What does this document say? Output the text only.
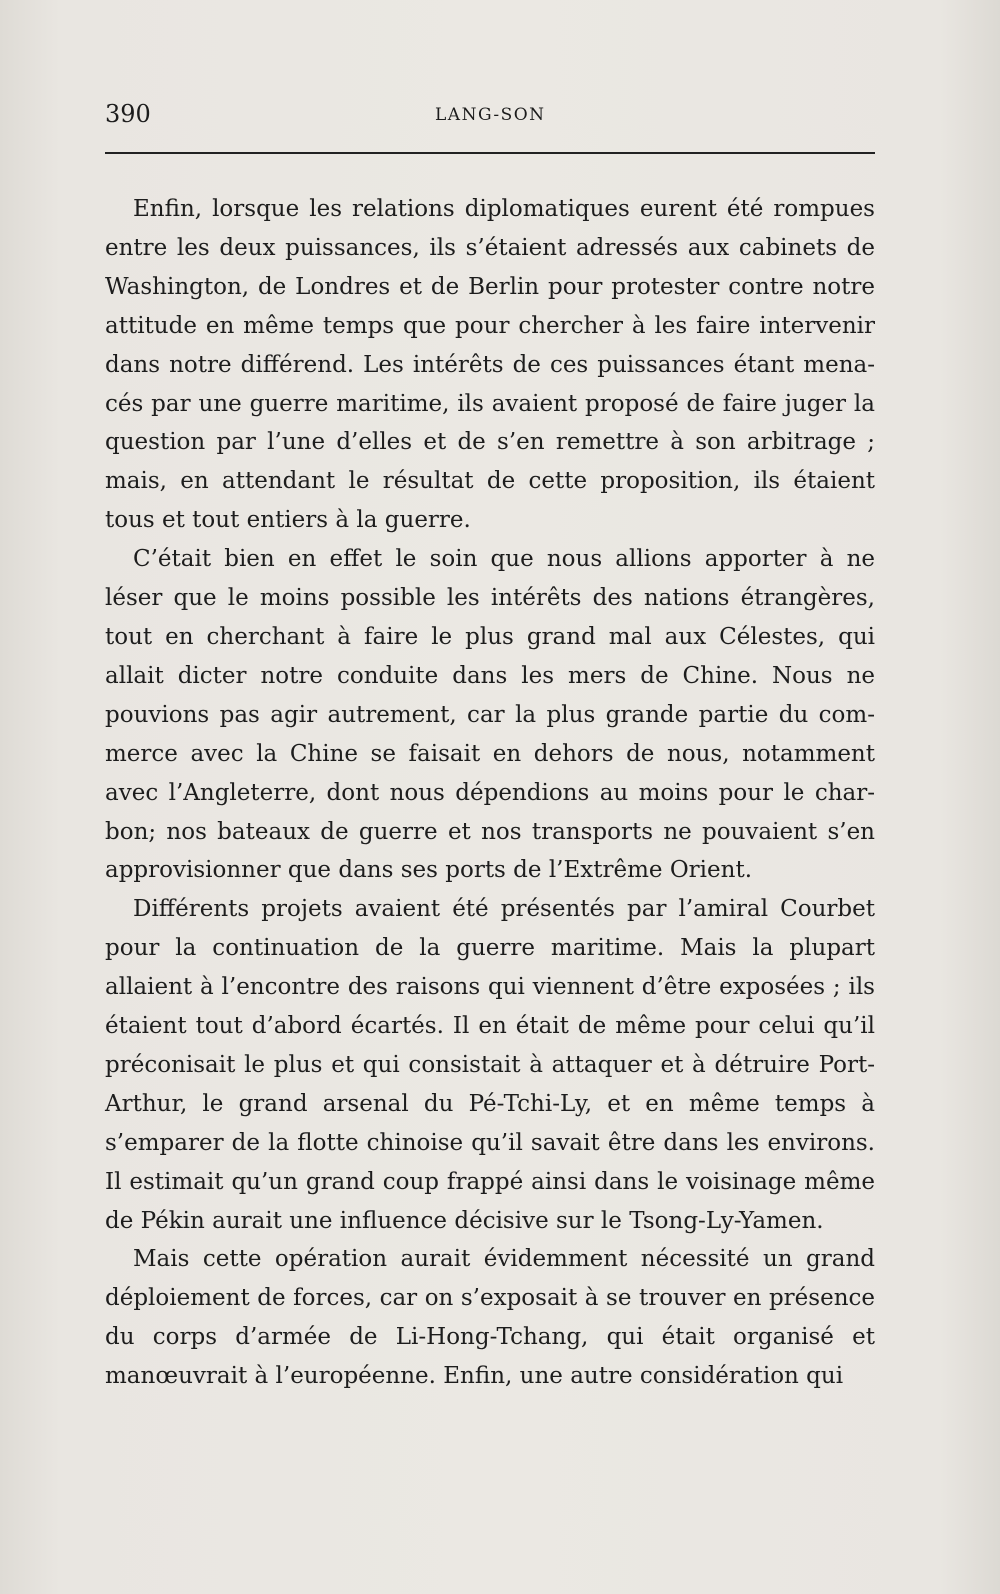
390	LANG-SON

Enfin, lorsque les relations diplomatiques eurent été rompues entre les deux puissances, ils s’étaient adressés aux cabinets de Washington, de Londres et de Berlin pour protester contre notre attitude en même temps que pour chercher à les faire intervenir dans notre différend. Les intérêts de ces puissances étant mena-cés par une guerre maritime, ils avaient proposé de faire juger la question par l’une d’elles et de s’en remettre à son arbitrage ; mais, en attendant le résultat de cette proposition, ils étaient tous et tout entiers à la guerre.

C’était bien en effet le soin que nous allions apporter à ne léser que le moins possible les intérêts des nations étrangères, tout en cherchant à faire le plus grand mal aux Célestes, qui allait dicter notre conduite dans les mers de Chine. Nous ne pouvions pas agir autrement, car la plus grande partie du com-merce avec la Chine se faisait en dehors de nous, notamment avec l’Angleterre, dont nous dépendions au moins pour le char-bon; nos bateaux de guerre et nos transports ne pouvaient s’en approvisionner que dans ses ports de l’Extrême Orient.

Différents projets avaient été présentés par l’amiral Courbet pour la continuation de la guerre maritime. Mais la plupart allaient à l’encontre des raisons qui viennent d’être exposées ; ils étaient tout d’abord écartés. Il en était de même pour celui qu’il préconisait le plus et qui consistait à attaquer et à détruire Port-Arthur, le grand arsenal du Pé-Tchi-Ly, et en même temps à s’emparer de la flotte chinoise qu’il savait être dans les environs. Il estimait qu’un grand coup frappé ainsi dans le voisinage même de Pékin aurait une influence décisive sur le Tsong-Ly-Yamen.

Mais cette opération aurait évidemment nécessité un grand déploiement de forces, car on s’exposait à se trouver en présence du corps d’armée de Li-Hong-Tchang, qui était organisé et manœuvrait à l’européenne. Enfin, une autre considération qui
